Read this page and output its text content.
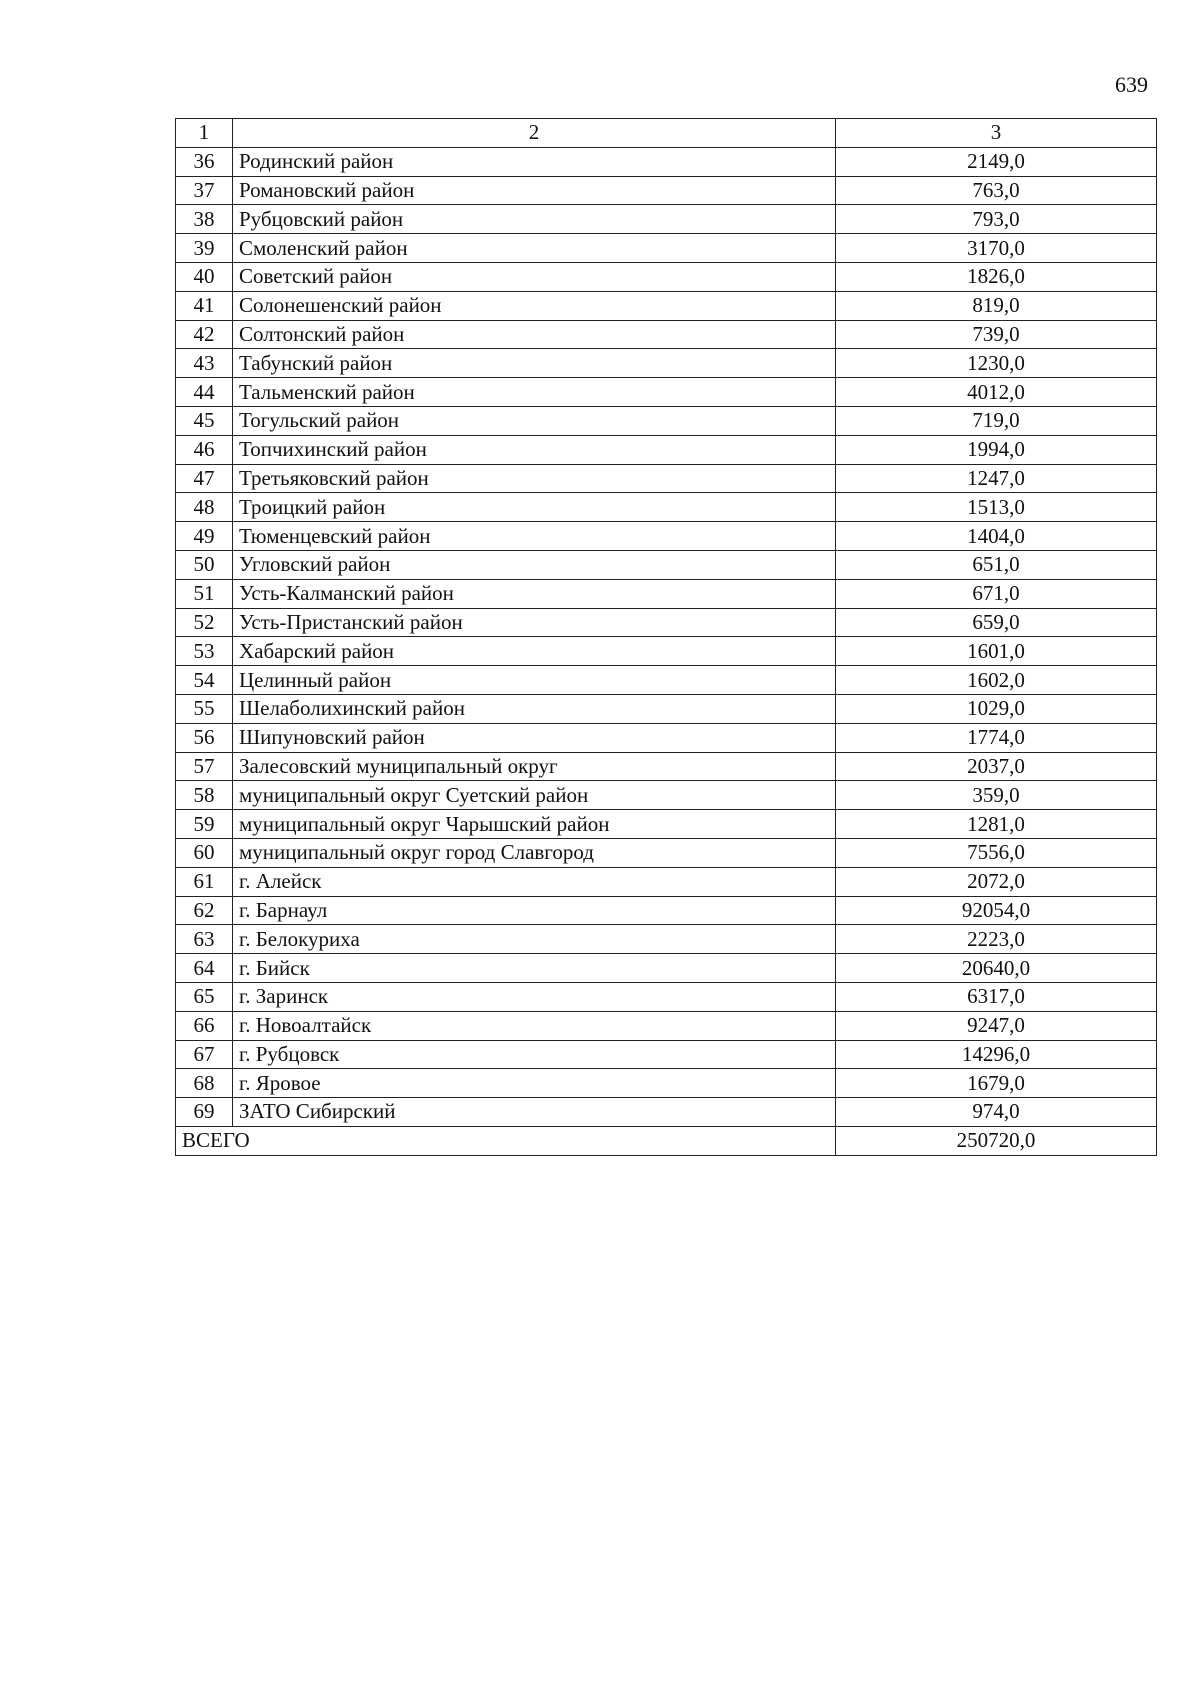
639
1	2	3
36	Родинский район	2149,0
37	Романовский район	763,0
38	Рубцовский район	793,0
39	Смоленский район	3170,0
40	Советский район	1826,0
41	Солонешенский район	819,0
42	Солтонский район	739,0
43	Табунский район	1230,0
44	Тальменский район	4012,0
45	Тогульский район	719,0
46	Топчихинский район	1994,0
47	Третьяковский район	1247,0
48	Троицкий район	1513,0
49	Тюменцевский район	1404,0
50	Угловский район	651,0
51	Усть-Калманский район	671,0
52	Усть-Пристанский район	659,0
53	Хабарский район	1601,0
54	Целинный район	1602,0
55	Шелаболихинский район	1029,0
56	Шипуновский район	1774,0
57	Залесовский муниципальный округ	2037,0
58	муниципальный округ Суетский район	359,0
59	муниципальный округ Чарышский район	1281,0
60	муниципальный округ город Славгород	7556,0
61	г. Алейск	2072,0
62	г. Барнаул	92054,0
63	г. Белокуриха	2223,0
64	г. Бийск	20640,0
65	г. Заринск	6317,0
66	г. Новоалтайск	9247,0
67	г. Рубцовск	14296,0
68	г. Яровое	1679,0
69	ЗАТО Сибирский	974,0
ВСЕГО		250720,0
